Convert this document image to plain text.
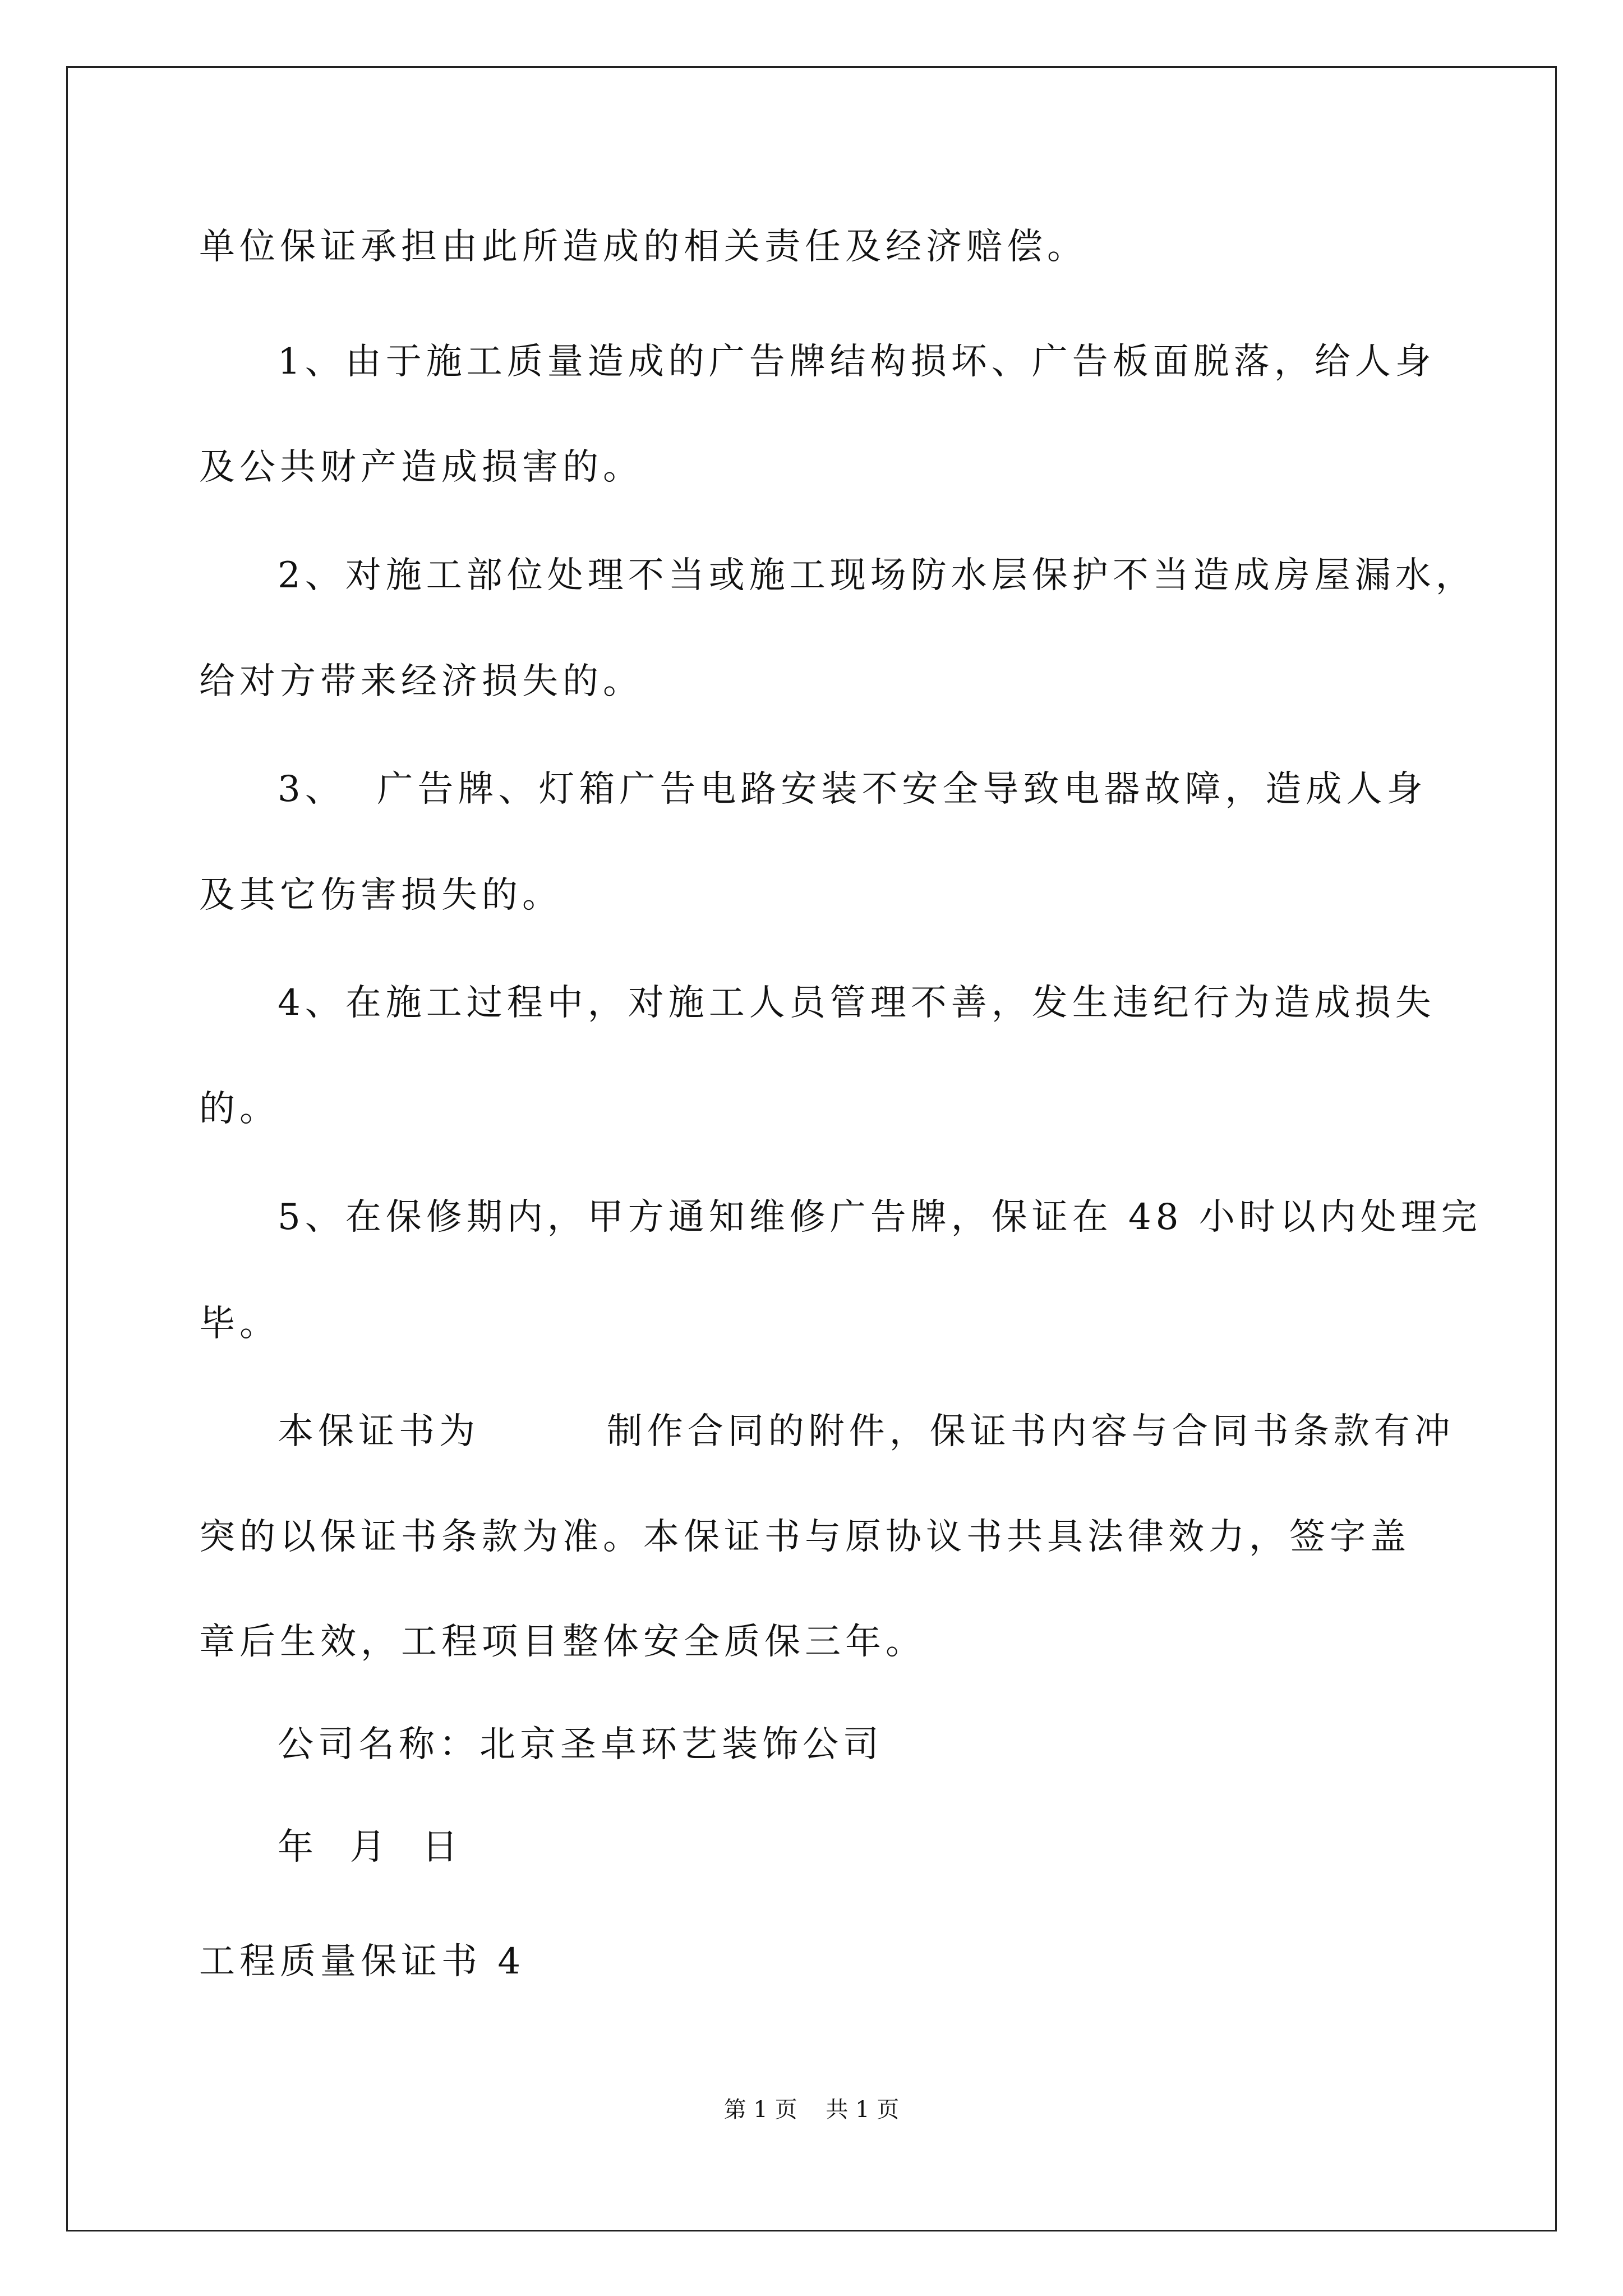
单位保证承担由此所造成的相关责任及经济赔偿。
1、由于施工质量造成的广告牌结构损坏、广告板面脱落，给人身
及公共财产造成损害的。
2、对施工部位处理不当或施工现场防水层保护不当造成房屋漏水，
给对方带来经济损失的。
3、  广告牌、灯箱广告电路安装不安全导致电器故障，造成人身
及其它伤害损失的。
4、在施工过程中，对施工人员管理不善，发生违纪行为造成损失
的。
5、在保修期内，甲方通知维修广告牌，保证在 48 小时以内处理完
毕。
本保证书为        制作合同的附件，保证书内容与合同书条款有冲
突的以保证书条款为准。本保证书与原协议书共具法律效力，签字盖
章后生效，工程项目整体安全质保三年。
公司名称：北京圣卓环艺装饰公司
年  月  日
工程质量保证书 4
第 1 页    共 1 页
